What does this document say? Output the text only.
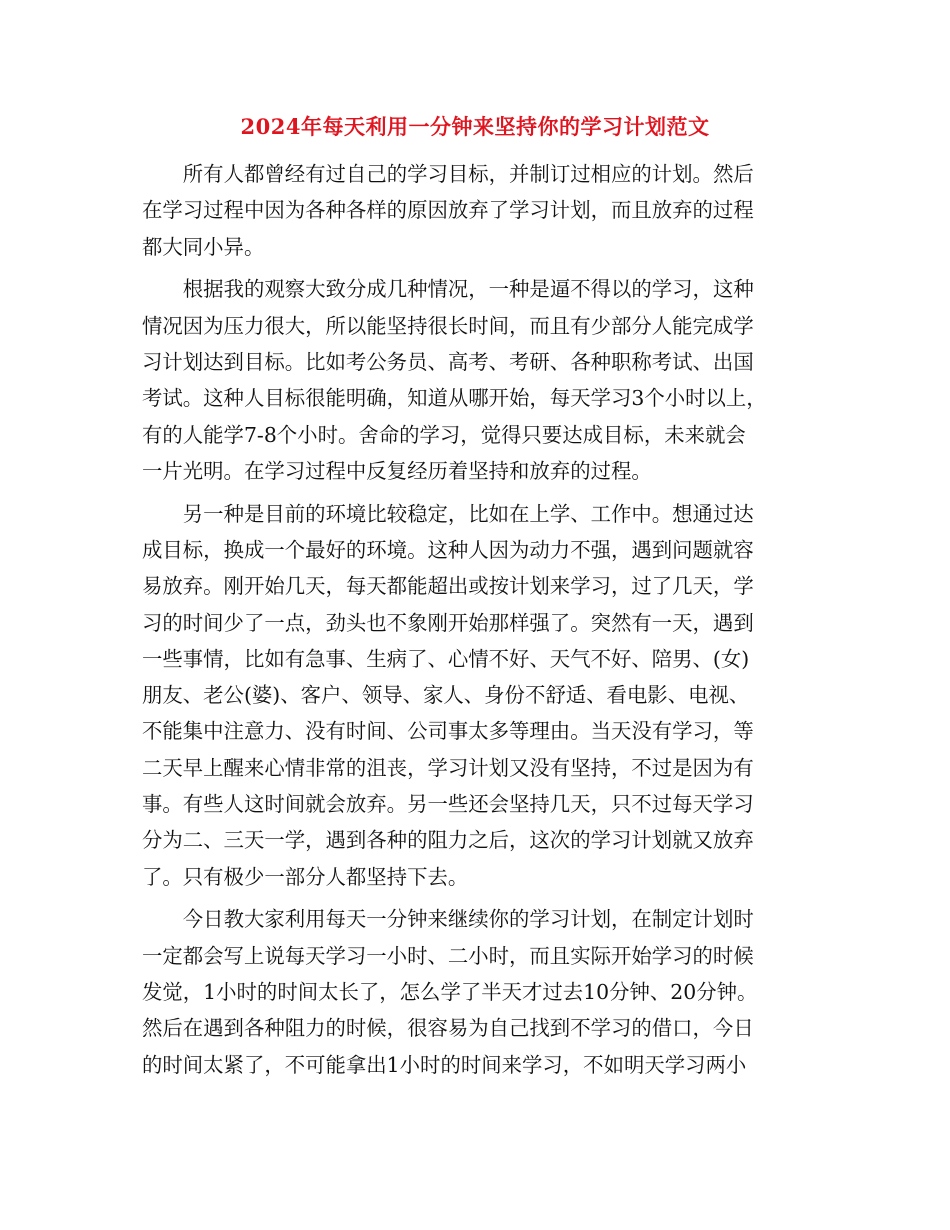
2024年每天利用一分钟来坚持你的学习计划范文

所有人都曾经有过自己的学习目标，并制订过相应的计划。然后
在学习过程中因为各种各样的原因放弃了学习计划，而且放弃的过程
都大同小异。

根据我的观察大致分成几种情况，一种是逼不得以的学习，这种
情况因为压力很大，所以能坚持很长时间，而且有少部分人能完成学
习计划达到目标。比如考公务员、高考、考研、各种职称考试、出国
考试。这种人目标很能明确，知道从哪开始，每天学习3个小时以上，
有的人能学7-8个小时。舍命的学习，觉得只要达成目标，未来就会
一片光明。在学习过程中反复经历着坚持和放弃的过程。

另一种是目前的环境比较稳定，比如在上学、工作中。想通过达
成目标，换成一个最好的环境。这种人因为动力不强，遇到问题就容
易放弃。刚开始几天，每天都能超出或按计划来学习，过了几天，学
习的时间少了一点，劲头也不象刚开始那样强了。突然有一天，遇到
一些事情，比如有急事、生病了、心情不好、天气不好、陪男、(女)
朋友、老公(婆)、客户、领导、家人、身份不舒适、看电影、电视、
不能集中注意力、没有时间、公司事太多等理由。当天没有学习，等
二天早上醒来心情非常的沮丧，学习计划又没有坚持，不过是因为有
事。有些人这时间就会放弃。另一些还会坚持几天，只不过每天学习
分为二、三天一学，遇到各种的阻力之后，这次的学习计划就又放弃
了。只有极少一部分人都坚持下去。

今日教大家利用每天一分钟来继续你的学习计划，在制定计划时
一定都会写上说每天学习一小时、二小时，而且实际开始学习的时候
发觉，1小时的时间太长了，怎么学了半天才过去10分钟、20分钟。
然后在遇到各种阻力的时候，很容易为自己找到不学习的借口，今日
的时间太紧了，不可能拿出1小时的时间来学习，不如明天学习两小
